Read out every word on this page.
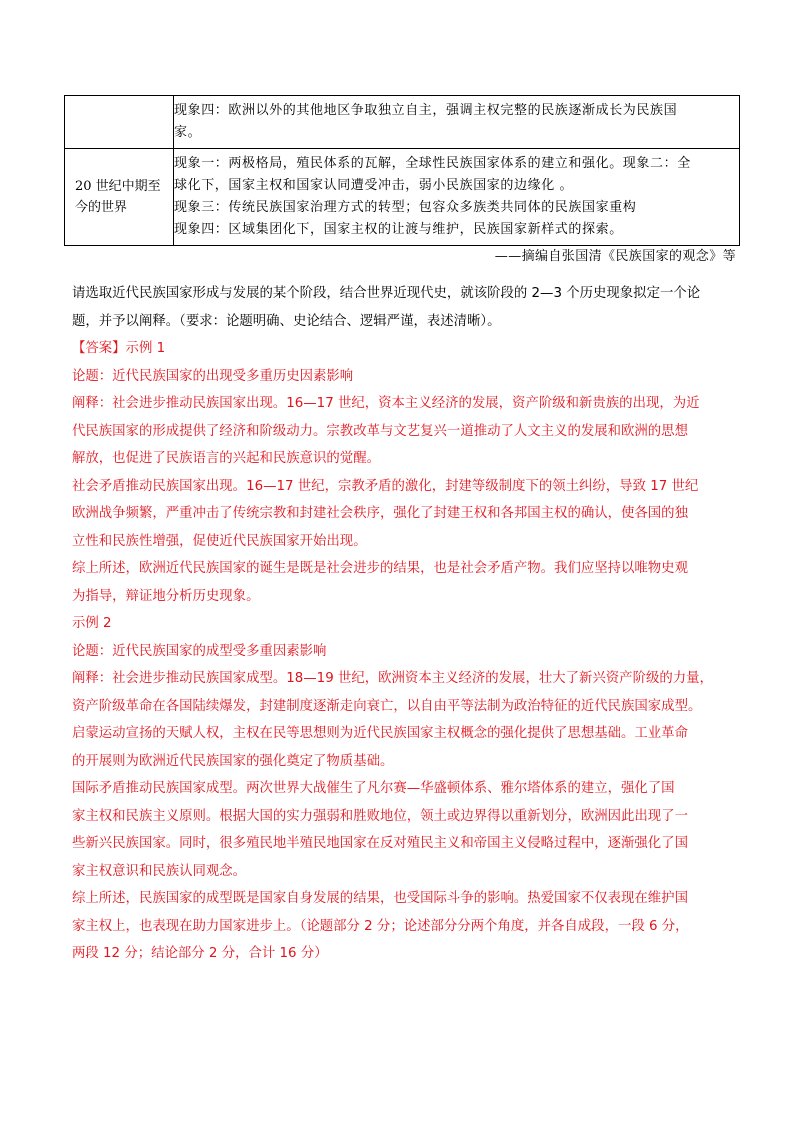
	现象四：欧洲以外的其他地区争取独立自主，强调主权完整的民族逐渐成长为民族国
家。

20 世纪中期至
今的世界	现象一：两极格局，殖民体系的瓦解，全球性民族国家体系的建立和强化。现象二：全
球化下，国家主权和国家认同遭受冲击，弱小民族国家的边缘化 。
现象三：传统民族国家治理方式的转型；包容众多族类共同体的民族国家重构
现象四：区域集团化下，国家主权的让渡与维护，民族国家新样式的探索。
——摘编自张国清《民族国家的观念》等

请选取近代民族国家形成与发展的某个阶段，结合世界近现代史，就该阶段的 2—3 个历史现象拟定一个论

题，并予以阐释。（要求：论题明确、史论结合、逻辑严谨，表述清晰）。

【答案】示例 1

论题：近代民族国家的出现受多重历史因素影响

阐释：社会进步推动民族国家出现。16—17 世纪，资本主义经济的发展，资产阶级和新贵族的出现，为近

代民族国家的形成提供了经济和阶级动力。宗教改革与文艺复兴一道推动了人文主义的发展和欧洲的思想

解放，也促进了民族语言的兴起和民族意识的觉醒。

社会矛盾推动民族国家出现。16—17 世纪，宗教矛盾的激化，封建等级制度下的领土纠纷，导致 17 世纪

欧洲战争频繁，严重冲击了传统宗教和封建社会秩序，强化了封建王权和各邦国主权的确认，使各国的独

立性和民族性增强，促使近代民族国家开始出现。

综上所述，欧洲近代民族国家的诞生是既是社会进步的结果，也是社会矛盾产物。我们应坚持以唯物史观

为指导，辩证地分析历史现象。

示例 2

论题：近代民族国家的成型受多重因素影响

阐释：社会进步推动民族国家成型。18—19 世纪，欧洲资本主义经济的发展，壮大了新兴资产阶级的力量，

资产阶级革命在各国陆续爆发，封建制度逐渐走向衰亡，以自由平等法制为政治特征的近代民族国家成型。

启蒙运动宣扬的天赋人权，主权在民等思想则为近代民族国家主权概念的强化提供了思想基础。工业革命

的开展则为欧洲近代民族国家的强化奠定了物质基础。

国际矛盾推动民族国家成型。两次世界大战催生了凡尔赛—华盛顿体系、雅尔塔体系的建立，强化了国

家主权和民族主义原则。根据大国的实力强弱和胜败地位，领土或边界得以重新划分，欧洲因此出现了一

些新兴民族国家。同时，很多殖民地半殖民地国家在反对殖民主义和帝国主义侵略过程中，逐渐强化了国

家主权意识和民族认同观念。

综上所述，民族国家的成型既是国家自身发展的结果，也受国际斗争的影响。热爱国家不仅表现在维护国

家主权上，也表现在助力国家进步上。（论题部分 2 分；论述部分分两个角度，并各自成段，一段 6 分，

两段 12 分；结论部分 2 分，合计 16 分）
